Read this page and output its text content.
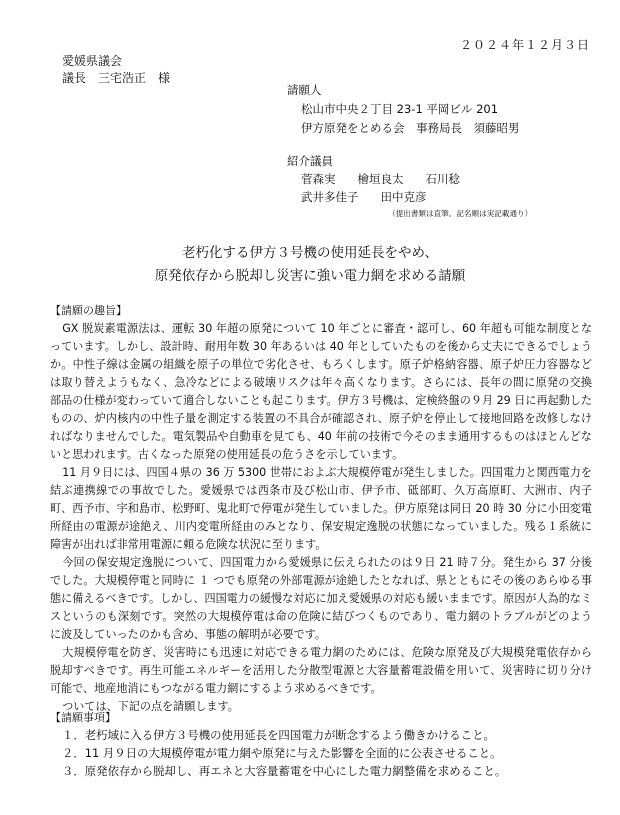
２０２４年１２月３日
愛媛県議会
議長　三宅浩正　様
請願人
松山市中央２丁目 23-1 平岡ビル 201
伊方原発をとめる会　事務局長　須藤昭男
紹介議員
菅森実 檜垣良太 石川稔
武井多佳子 田中克彦
（提出書類は直筆。記名順は実記載通り）
老朽化する伊方３号機の使用延長をやめ、
原発依存から脱却し災害に強い電力網を求める請願
【請願の趣旨】

GX 脱炭素電源法は、運転 30 年超の原発について 10 年ごとに審査・認可し、60 年超も可能な制度となっています。しかし、設計時、耐用年数 30 年あるいは 40 年としていたものを後から丈夫にできるでしょうか。中性子線は金属の組織を原子の単位で劣化させ、もろくします。原子炉格納容器、原子炉圧力容器などは取り替えようもなく、急冷などによる破壊リスクは年々高くなります。さらには、長年の間に原発の交換部品の仕様が変わっていて適合しないことも起こります。伊方３号機は、定検終盤の９月 29 日に再起動したものの、炉内核内の中性子量を測定する装置の不具合が確認され、原子炉を停止して接地回路を改修しなければなりませんでした。電気製品や自動車を見ても、40 年前の技術で今そのまま通用するものはほとんどないと思われます。古くなった原発の使用延長の危うさを示しています。

11 月９日には、四国４県の 36 万 5300 世帯におよぶ大規模停電が発生しました。四国電力と関西電力を結ぶ連携線での事故でした。愛媛県では西条市及び松山市、伊予市、砥部町、久万高原町、大洲市、内子町、西予市、宇和島市、松野町、鬼北町で停電が発生していました。伊方原発は同日 20 時 30 分に小田変電所経由の電源が途絶え、川内変電所経由のみとなり、保安規定逸脱の状態になっていました。残る１系統に障害が出れば非常用電源に頼る危険な状況に至ります。

今回の保安規定逸脱について、四国電力から愛媛県に伝えられたのは９日 21 時７分。発生から 37 分後でした。大規模停電と同時に １ つでも原発の外部電源が途絶したとなれば、県とともにその後のあらゆる事態に備えるべきです。しかし、四国電力の緩慢な対応に加え愛媛県の対応も緩いままです。原因が人為的なミスというのも深刻です。突然の大規模停電は命の危険に結びつくものであり、電力網のトラブルがどのように波及していったのかも含め、事態の解明が必要です。

大規模停電を防ぎ、災害時にも迅速に対応できる電力網のためには、危険な原発及び大規模発電依存から脱却すべきです。再生可能エネルギーを活用した分散型電源と大容量蓄電設備を用いて、災害時に切り分け可能で、地産地消にもつながる電力網にするよう求めるべきです。

ついては、下記の点を請願します。

【請願事項】
１．老朽域に入る伊方３号機の使用延長を四国電力が断念するよう働きかけること。
２．11 月９日の大規模停電が電力網や原発に与えた影響を全面的に公表させること。
３．原発依存から脱却し、再エネと大容量蓄電を中心にした電力網整備を求めること。
